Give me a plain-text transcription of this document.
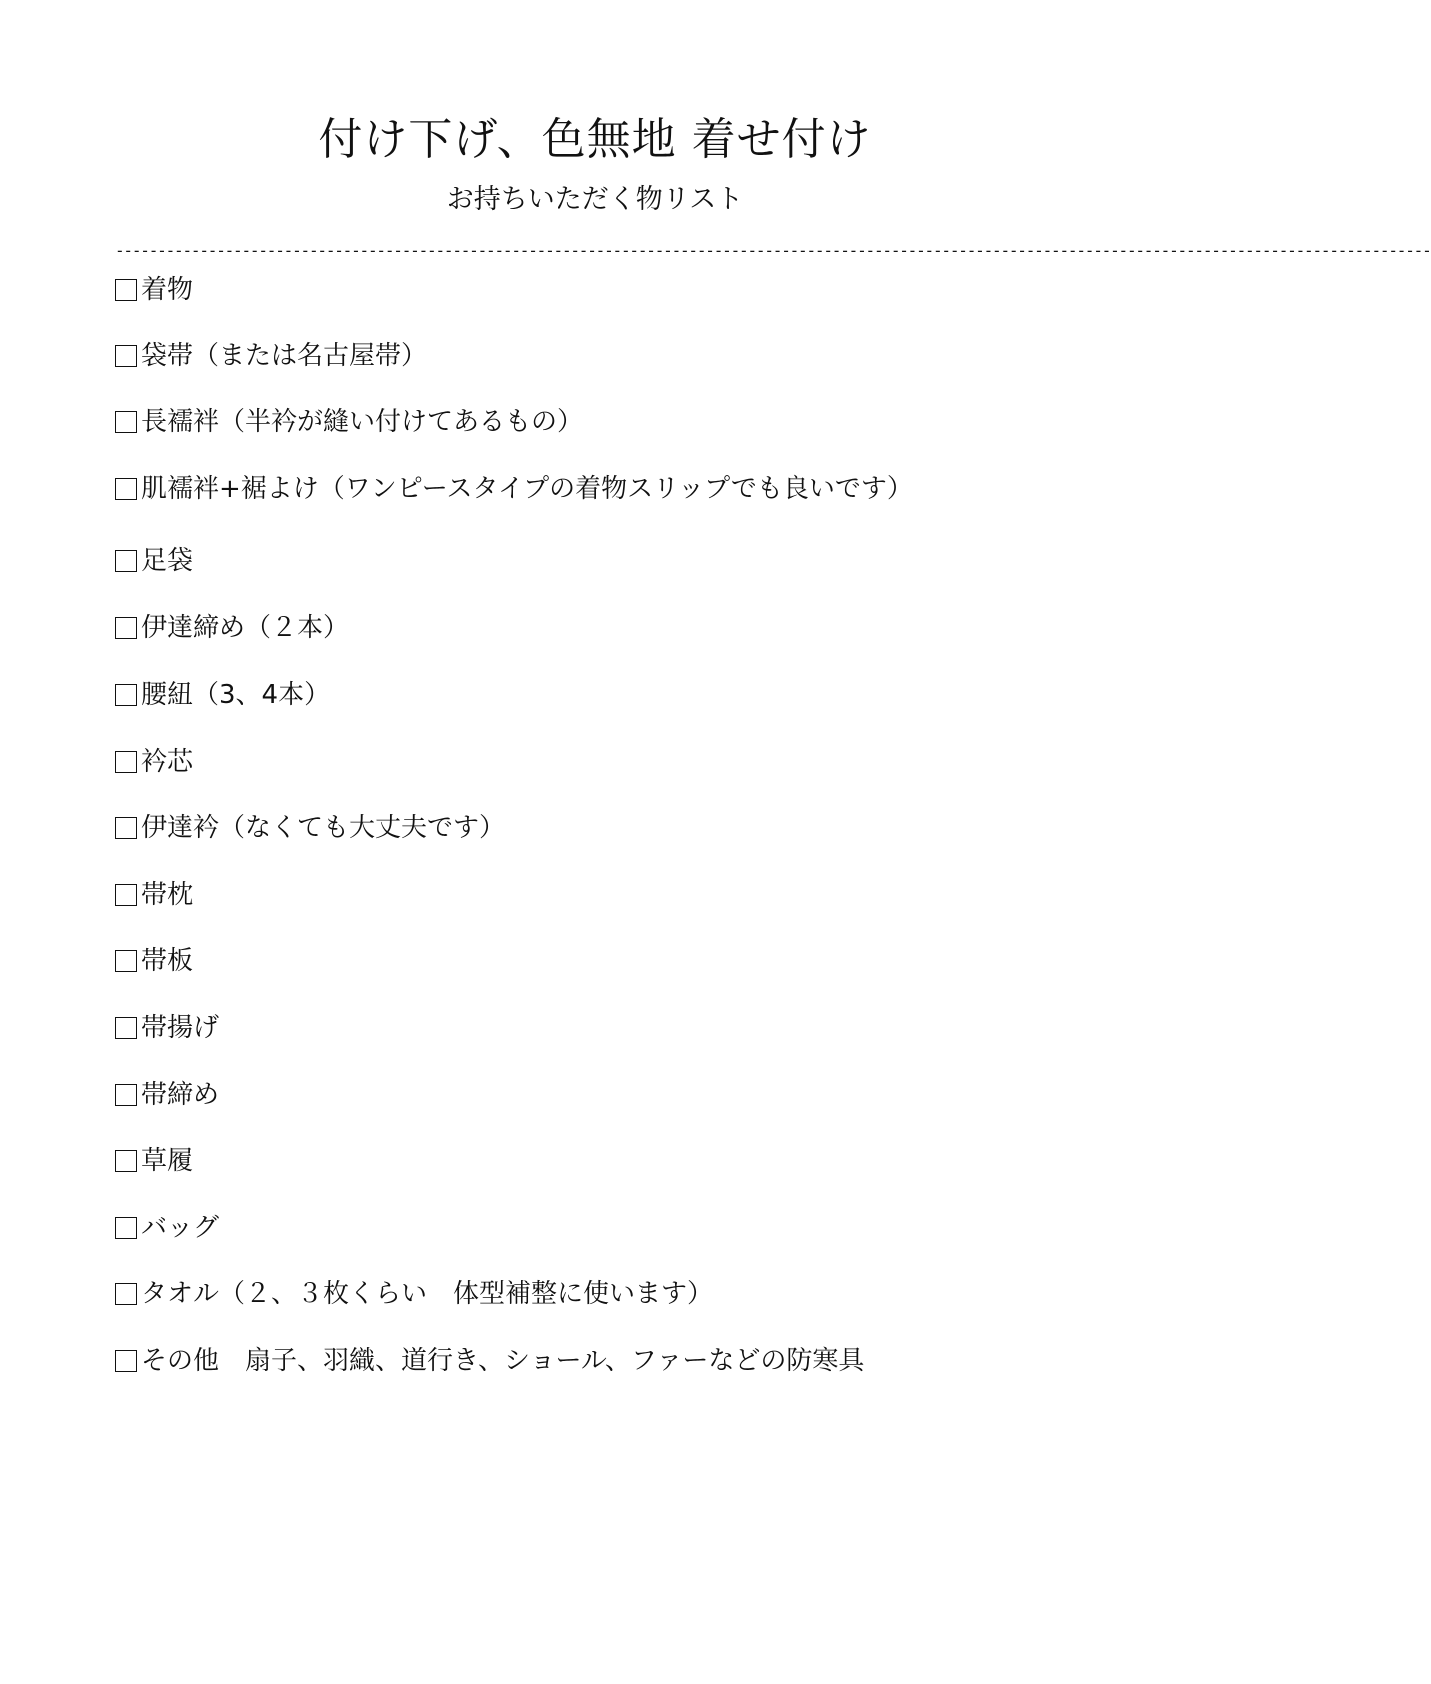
付け下げ、色無地 着せ付け
お持ちいただく物リスト
------------------------------------------------------------------------------------------------------------------------------------------------------------
着物
袋帯（または名古屋帯）
長襦袢（半衿が縫い付けてあるもの）
肌襦袢+裾よけ（ワンピースタイプの着物スリップでも良いです）
足袋
伊達締め（２本）
腰紐（3、4本）
衿芯
伊達衿（なくても大丈夫です）
帯枕
帯板
帯揚げ
帯締め
草履
バッグ
タオル（２、３枚くらい　体型補整に使います）
その他　扇子、羽織、道行き、ショール、ファーなどの防寒具
